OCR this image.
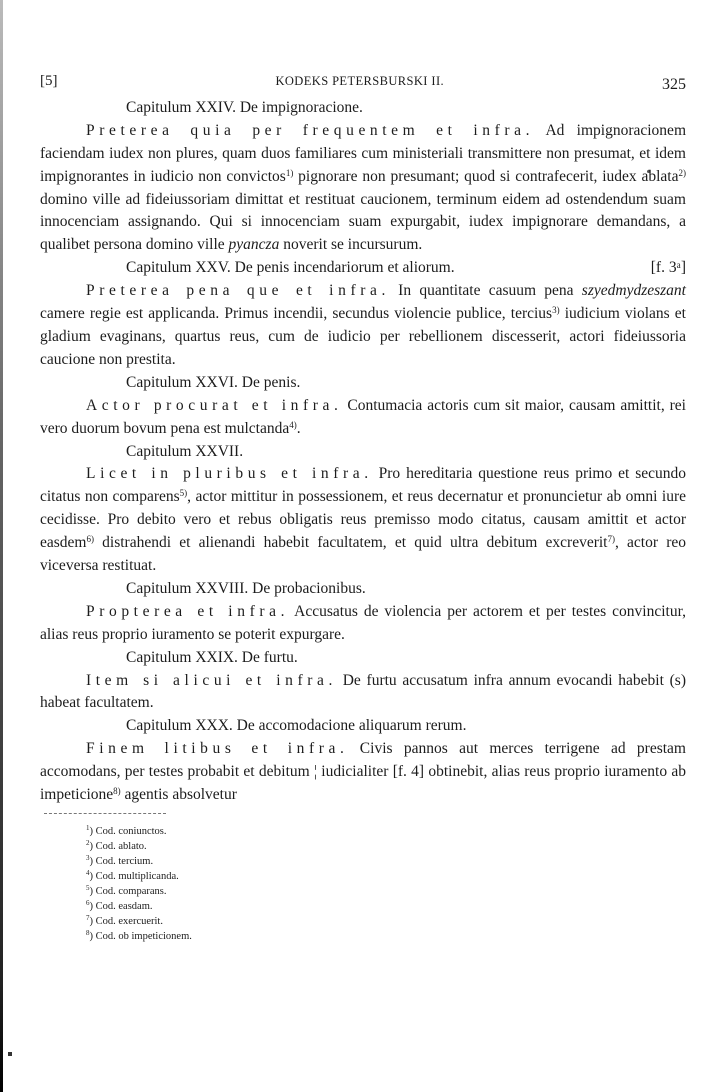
[5]	KODEKS PETERSBURSKI II.	325

Capitulum XXIV. De impignoracione.

Preterea quia per frequentem et infra. Ad impignoracionem faciendam iudex non plures, quam duos familiares cum ministeriali transmittere non presumat, et idem impignorantes in iudicio non convictos$^{1)}$ pignorare non presumant; quod si contrafecerit, iudex ablata$^{2)}$ domino ville ad fideiussoriam dimittat et restituat caucionem, terminum eidem ad ostendendum suam innocenciam assignando. Qui si innocenciam suam expurgabit, iudex impignorare demandans, a qualibet persona domino ville pyancza noverit se incursurum.

Capitulum XXV. De penis incendariorum et aliorum.	[f. 3ᵃ]

Preterea pena que et infra. In quantitate casuum pena szyedmydzeszant camere regie est applicanda. Primus incendii, secundus violencie publice, tercius$^{3)}$ iudicium violans et gladium evaginans, quartus reus, cum de iudicio per rebellionem discesserit, actori fideiussoria caucione non prestita.

Capitulum XXVI. De penis.

Actor procurat et infra. Contumacia actoris cum sit maior, causam amittit, rei vero duorum bovum pena est mulctanda$^{4)}$.

Capitulum XXVII.

Licet in pluribus et infra. Pro hereditaria questione reus primo et secundo citatus non comparens$^{5)}$, actor mittitur in possessionem, et reus decernatur et pronuncietur ab omni iure cecidisse. Pro debito vero et rebus obligatis reus premisso modo citatus, causam amittit et actor easdem$^{6)}$ distrahendi et alienandi habebit facultatem, et quid ultra debitum excreverit$^{7)}$, actor reo viceversa restituat.

Capitulum XXVIII. De probacionibus.

Propterea et infra. Accusatus de violencia per actorem et per testes convincitur, alias reus proprio iuramento se poterit expurgare.

Capitulum XXIX. De furtu.

Item si alicui et infra. De furtu accusatum infra annum evocandi habebit (s) habeat facultatem.

Capitulum XXX. De accomodacione aliquarum rerum.

Finem litibus et infra. Civis pannos aut merces terrigene ad prestam accomodans, per testes probabit et debitum ¦ iudicialiter [f. 4] obtinebit, alias reus proprio iuramento ab impeticione$^{8)}$ agentis absolvetur

$^1$) Cod. coniunctos.
$^2$) Cod. ablato.
$^3$) Cod. tercium.
$^4$) Cod. multiplicanda.
$^5$) Cod. comparans.
$^6$) Cod. easdam.
$^7$) Cod. exercuerit.
$^8$) Cod. ob impeticionem.
